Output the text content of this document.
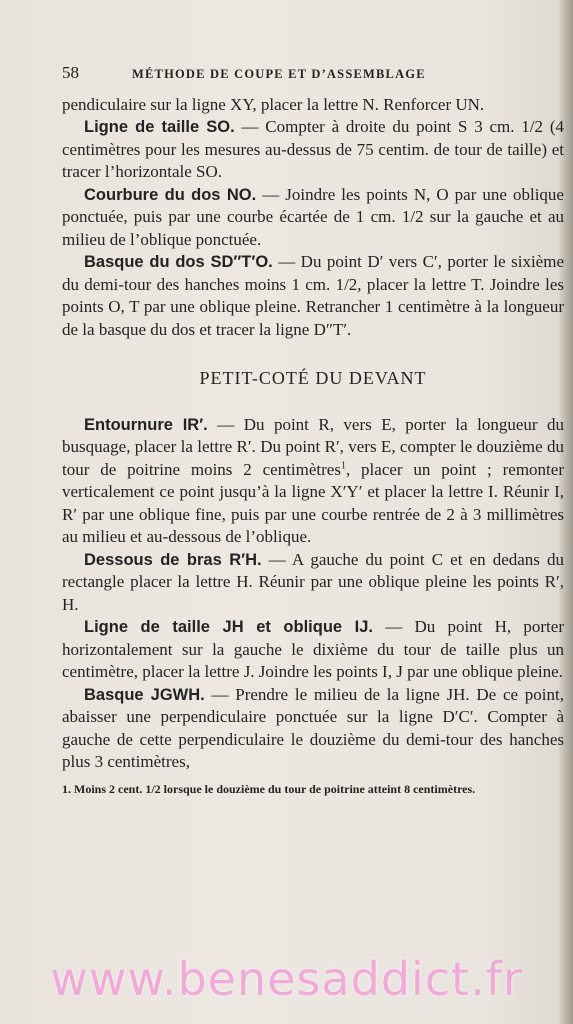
58	MÉTHODE DE COUPE ET D’ASSEMBLAGE

pendiculaire sur la ligne XY, placer la lettre N. Renforcer UN.

Ligne de taille SO. — Compter à droite du point S 3 cm. 1/2 (4 centimètres pour les mesures au-dessus de 75 centim. de tour de taille) et tracer l’horizontale SO.

Courbure du dos NO. — Joindre les points N, O par une oblique ponctuée, puis par une courbe écartée de 1 cm. 1/2 sur la gauche et au milieu de l’oblique ponctuée.

Basque du dos SD″T′O. — Du point D′ vers C′, porter le sixième du demi-tour des hanches moins 1 cm. 1/2, placer la lettre T. Joindre les points O, T par une oblique pleine. Retrancher 1 centimètre à la longueur de la basque du dos et tracer la ligne D″T′.

PETIT-COTÉ DU DEVANT

Entournure IR′. — Du point R, vers E, porter la longueur du busquage, placer la lettre R′. Du point R′, vers E, compter le douzième du tour de poitrine moins 2 centimètres$^1$, placer un point ; remonter verticalement ce point jusqu’à la ligne X′Y′ et placer la lettre I. Réunir I, R′ par une oblique fine, puis par une courbe rentrée de 2 à 3 millimètres au milieu et au-dessous de l’oblique.

Dessous de bras R′H. — A gauche du point C et en dedans du rectangle placer la lettre H. Réunir par une oblique pleine les points R′, H.

Ligne de taille JH et oblique IJ. — Du point H, porter horizontalement sur la gauche le dixième du tour de taille plus un centimètre, placer la lettre J. Joindre les points I, J par une oblique pleine.

Basque JGWH. — Prendre le milieu de la ligne JH. De ce point, abaisser une perpendiculaire ponctuée sur la ligne D′C′. Compter à gauche de cette perpendiculaire le douzième du demi-tour des hanches plus 3 centimètres,

1. Moins 2 cent. 1/2 lorsque le douzième du tour de poitrine atteint 8 centimètres.

www.benesaddict.fr
